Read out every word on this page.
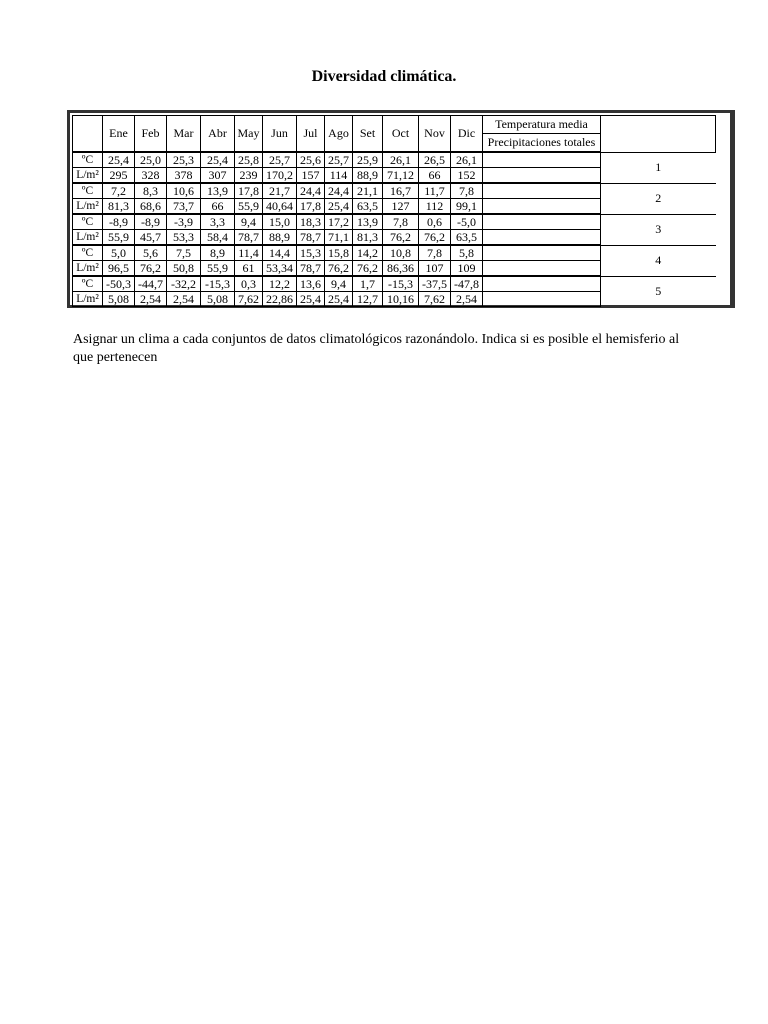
Diversidad climática.
	Ene	Feb	Mar	Abr	May	Jun	Jul	Ago	Set	Oct	Nov	Dic	Temperatura media	
													Precipitaciones totales	
ºC	25,4	25,0	25,3	25,4	25,8	25,7	25,6	25,7	25,9	26,1	26,5	26,1		1
L/m²	295	328	378	307	239	170,2	157	114	88,9	71,12	66	152		
ºC	7,2	8,3	10,6	13,9	17,8	21,7	24,4	24,4	21,1	16,7	11,7	7,8		2
L/m²	81,3	68,6	73,7	66	55,9	40,64	17,8	25,4	63,5	127	112	99,1		
ºC	-8,9	-8,9	-3,9	3,3	9,4	15,0	18,3	17,2	13,9	7,8	0,6	-5,0		3
L/m²	55,9	45,7	53,3	58,4	78,7	88,9	78,7	71,1	81,3	76,2	76,2	63,5		
ºC	5,0	5,6	7,5	8,9	11,4	14,4	15,3	15,8	14,2	10,8	7,8	5,8		4
L/m²	96,5	76,2	50,8	55,9	61	53,34	78,7	76,2	76,2	86,36	107	109		
ºC	-50,3	-44,7	-32,2	-15,3	0,3	12,2	13,6	9,4	1,7	-15,3	-37,5	-47,8		5
L/m²	5,08	2,54	2,54	5,08	7,62	22,86	25,4	25,4	12,7	10,16	7,62	2,54		
Asignar un clima a cada conjuntos de datos climatológicos razonándolo. Indica si es posible el hemisferio al que pertenecen
